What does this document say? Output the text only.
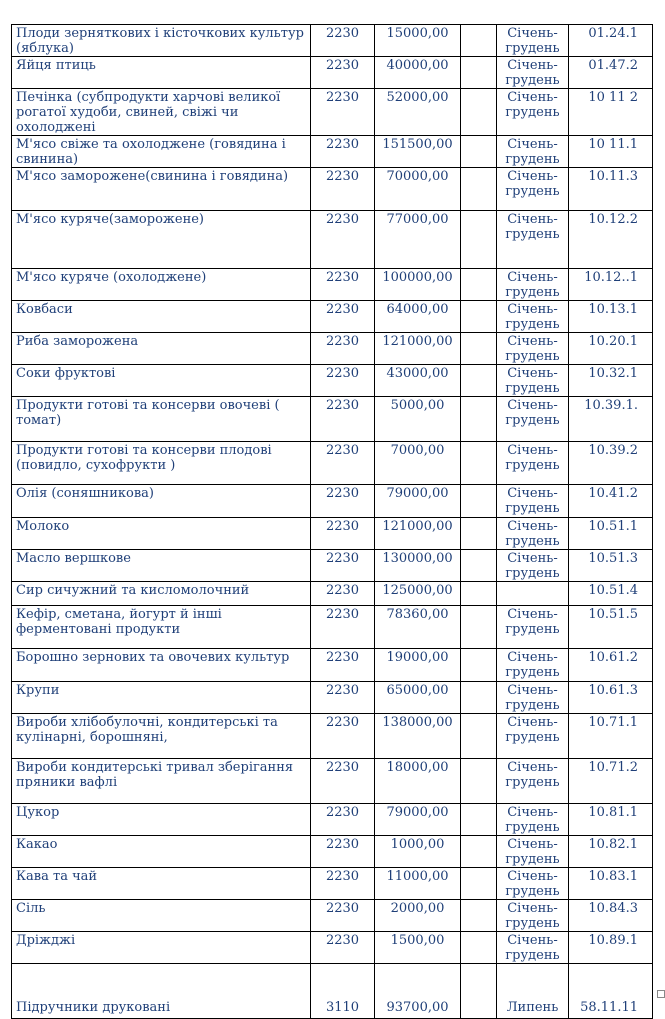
Плоди зерняткових і кісточкових культур (яблука)	2230	15000,00		Січень-
грудень	01.24.1
Яйця птиць	2230	40000,00		Січень-
грудень	01.47.2
Печінка (субпродукти харчові великої рогатої худоби, свиней, свіжі чи охолоджені	2230	52000,00		Січень-
грудень	10 11 2
М'ясо свіже та охолоджене (говядина і свинина)	2230	151500,00		Січень-
грудень	10 11.1
М'ясо заморожене(свинина і говядина)	2230	70000,00		Січень-
грудень	10.11.3
М'ясо куряче(заморожене)	2230	77000,00		Січень-
грудень	10.12.2
М'ясо куряче (охолоджене)	2230	100000,00		Січень-
грудень	10.12..1
Ковбаси	2230	64000,00		Січень-
грудень	10.13.1
Риба заморожена	2230	121000,00		Січень-
грудень	10.20.1
Соки фруктові	2230	43000,00		Січень-
грудень	10.32.1
Продукти готові та консерви овочеві ( томат)	2230	5000,00		Січень-
грудень	10.39.1.
Продукти готові та консерви плодові (повидло, сухофрукти )	2230	7000,00		Січень-
грудень	10.39.2
Олія (соняшникова)	2230	79000,00		Січень-
грудень	10.41.2
Молоко	2230	121000,00		Січень-
грудень	10.51.1
Масло вершкове	2230	130000,00		Січень-
грудень	10.51.3
Сир сичужний та кисломолочний	2230	125000,00			10.51.4
Кефір, сметана, йогурт й інші ферментовані продукти	2230	78360,00		Січень-
грудень	10.51.5
Борошно зернових та овочевих культур	2230	19000,00		Січень-
грудень	10.61.2
Крупи	2230	65000,00		Січень-
грудень	10.61.3
Вироби хлібобулочні, кондитерські та кулінарні, борошняні,	2230	138000,00		Січень-
грудень	10.71.1
Вироби кондитерські тривал зберігання пряники вафлі	2230	18000,00		Січень-
грудень	10.71.2
Цукор	2230	79000,00		Січень-
грудень	10.81.1
Какао	2230	1000,00		Січень-
грудень	10.82.1
Кава та чай	2230	11000,00		Січень-
грудень	10.83.1
Сіль	2230	2000,00		Січень-
грудень	10.84.3
Дріжджі	2230	1500,00		Січень-
грудень	10.89.1
Підручники друковані	3110	93700,00		Липень	58.11.11
